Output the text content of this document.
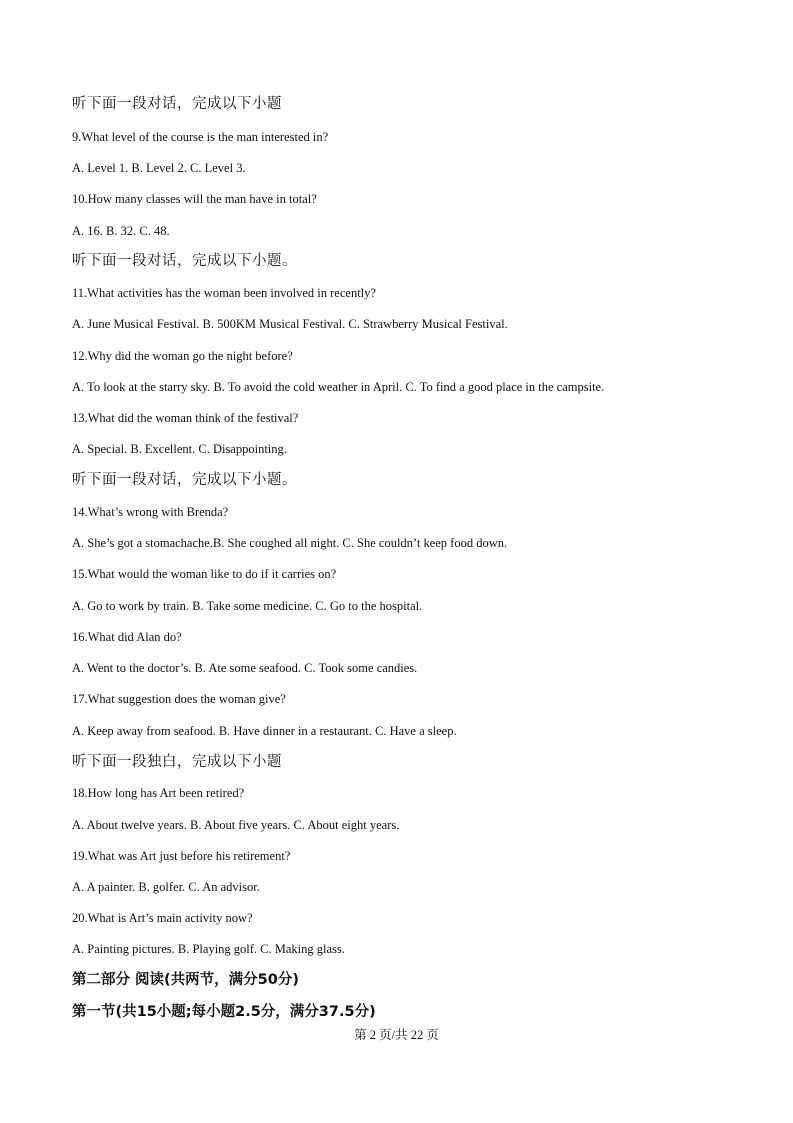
听下面一段对话，完成以下小题
9.What level of the course is the man interested in?
A. Level 1. B. Level 2. C. Level 3.
10.How many classes will the man have in total?
A. 16. B. 32. C. 48.
听下面一段对话，完成以下小题。
11.What activities has the woman been involved in recently?
A. June Musical Festival. B. 500KM Musical Festival. C. Strawberry Musical Festival.
12.Why did the woman go the night before?
A. To look at the starry sky. B. To avoid the cold weather in April. C. To find a good place in the campsite.
13.What did the woman think of the festival?
A. Special. B. Excellent. C. Disappointing.
听下面一段对话，完成以下小题。
14.What’s wrong with Brenda?
A. She’s got a stomachache.B. She coughed all night. C. She couldn’t keep food down.
15.What would the woman like to do if it carries on?
A. Go to work by train. B. Take some medicine. C. Go to the hospital.
16.What did Alan do?
A. Went to the doctor’s. B. Ate some seafood. C. Took some candies.
17.What suggestion does the woman give?
A. Keep away from seafood. B. Have dinner in a restaurant. C. Have a sleep.
听下面一段独白，完成以下小题
18.How long has Art been retired?
A. About twelve years. B. About five years. C. About eight years.
19.What was Art just before his retirement?
A. A painter. B. golfer. C. An advisor.
20.What is Art’s main activity now?
A. Painting pictures. B. Playing golf. C. Making glass.
第二部分 阅读(共两节，满分50分)
第一节(共15小题;每小题2.5分，满分37.5分)
第 2 页/共 22 页
